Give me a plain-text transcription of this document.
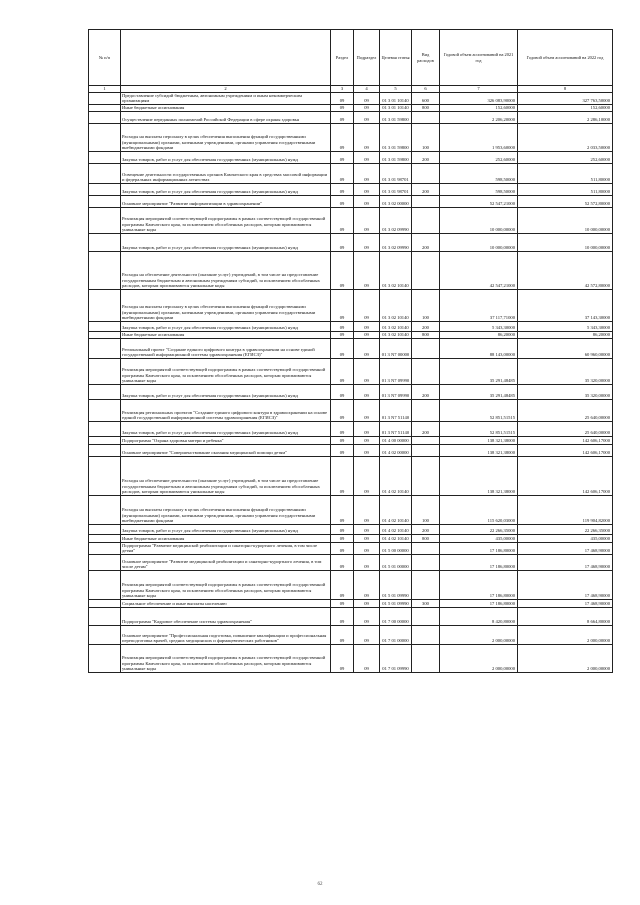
№ п/п		Раздел	Подраздел	Целевая статья	Вид расходов	Годовой объем ассигнований на 2021 год	Годовой объем ассигнований на 2022 год
1	2	3	4	5	6	7	8
	Предоставление субсидий бюджетным, автономным учреждениям и иным некоммерческим организациям	09	09	01 3 01 10140	600	326 083,90000	327 763,50000
	Иные бюджетные ассигнования	09	09	01 3 01 10140	800	152,60000	152,60000
	Осуществление переданных полномочий Российской Федерации в сфере охраны здоровья	09	09	01 3 01 59800		2 206,20000	2 286,10000
	Расходы на выплаты персоналу в целях обеспечения выполнения функций государственными (муниципальными) органами, казенными учреждениями, органами управления государственными внебюджетными фондами	09	09	01 3 01 59800	100	1 953,60000	2 033,50000
	Закупка товаров, работ и услуг для обеспечения государственных (муниципальных) нужд	09	09	01 3 01 59800	200	252,60000	252,60000
	Освещение деятельности государственных органов Камчатского края в средствах массовой информации и федеральных информационных агентствах	09	09	01 3 01 98701		598,50000	511,80000
	Закупка товаров, работ и услуг для обеспечения государственных (муниципальных) нужд	09	09	01 3 01 98701	200	598,50000	511,80000
	Основное мероприятие "Развитие информатизации в здравоохранении"	09	09	01 3 02 00000		52 547,21000	52 572,80000
	Реализация мероприятий соответствующей подпрограммы в рамках соответствующей государственной программы Камчатского края, за исключением обособленных расходов, которым присваиваются уникальные коды	09	09	01 3 02 09990		10 000,00000	10 000,00000
	Закупка товаров, работ и услуг для обеспечения государственных (муниципальных) нужд	09	09	01 3 02 09990	200	10 000,00000	10 000,00000
	Расходы на обеспечение деятельности (оказание услуг) учреждений, в том числе на предоставление государственным бюджетным и автономным учреждениям субсидий, за исключением обособленных расходов, которым присваиваются уникальные коды	09	09	01 3 02 10140		42 547,21000	42 572,80000
	Расходы на выплаты персоналу в целях обеспечения выполнения функций государственными (муниципальными) органами, казенными учреждениями, органами управления государственными внебюджетными фондами	09	09	01 3 02 10140	100	37 117,71000	37 143,30000
	Закупка товаров, работ и услуг для обеспечения государственных (муниципальных) нужд	09	09	01 3 02 10140	200	5 343,30000	5 343,30000
	Иные бюджетные ассигнования	09	09	01 3 02 10140	800	86,20000	86,20000
	Региональный проект "Создание единого цифрового контура в здравоохранении на основе единой государственной информационной системы здравоохранения (ЕГИСЗ)"	09	09	01 3 N7 00000		88 143,00000	60 960,00000
	Реализация мероприятий соответствующей подпрограммы в рамках соответствующей государственной программы Камчатского края, за исключением обособленных расходов, которым присваиваются уникальные коды	09	09	01 3 N7 09990		35 291,48485	35 320,00000
	Закупка товаров, работ и услуг для обеспечения государственных (муниципальных) нужд	09	09	01 3 N7 09990	200	35 291,48485	35 320,00000
	Реализация региональных проектов "Создание единого цифрового контура в здравоохранении на основе единой государственной информационной системы здравоохранения (ЕГИСЗ)"	09	09	01 3 N7 51140		52 851,51515	25 640,00000
	Закупка товаров, работ и услуг для обеспечения государственных (муниципальных) нужд	09	09	01 3 N7 51140	200	52 851,51515	25 640,00000
	Подпрограмма "Охрана здоровья матери и ребенка"	09	09	01 4 00 00000		138 321,38000	142 606,17000
	Основное мероприятие "Совершенствование оказания медицинской помощи детям"	09	09	01 4 02 00000		138 321,38000	142 606,17000
	Расходы на обеспечение деятельности (оказание услуг) учреждений, в том числе на предоставление государственным бюджетным и автономным учреждениям субсидий, за исключением обособленных расходов, которым присваиваются уникальные коды	09	09	01 4 02 10140		138 321,38000	142 606,17000
	Расходы на выплаты персоналу в целях обеспечения выполнения функций государственными (муниципальными) органами, казенными учреждениями, органами управления государственными внебюджетными фондами	09	09	01 4 02 10140	100	115 620,03000	119 904,82000
	Закупка товаров, работ и услуг для обеспечения государственных (муниципальных) нужд	09	09	01 4 02 10140	200	22 266,35000	22 266,35000
	Иные бюджетные ассигнования	09	09	01 4 02 10140	800	435,00000	435,00000
	Подпрограмма "Развитие медицинской реабилитации и санаторно-курортного лечения, в том числе детям"	09	09	01 5 00 00000		17 186,80000	17 468,90000
	Основное мероприятие "Развитие медицинской реабилитации и санаторно-курортного лечения, в том числе детям"	09	09	01 5 01 00000		17 186,80000	17 468,90000
	Реализация мероприятий соответствующей подпрограммы в рамках соответствующей государственной программы Камчатского края, за исключением обособленных расходов, которым присваиваются уникальные коды	09	09	01 5 01 09990		17 186,80000	17 468,90000
	Социальное обеспечение и иные выплаты населению	09	09	01 5 01 09990	300	17 186,80000	17 468,90000
	Подпрограмма "Кадровое обеспечение системы здравоохранения"	09	09	01 7 00 00000		8 420,80000	8 664,80000
	Основное мероприятие "Профессиональная подготовка, повышение квалификации и профессиональная переподготовка врачей, средних медицинских и фармацевтических работников"	09	09	01 7 01 00000		2 000,00000	2 000,00000
	Реализация мероприятий соответствующей подпрограммы в рамках соответствующей государственной программы Камчатского края, за исключением обособленных расходов, которым присваиваются уникальные коды	09	09	01 7 01 09990		2 000,00000	2 000,00000
62
